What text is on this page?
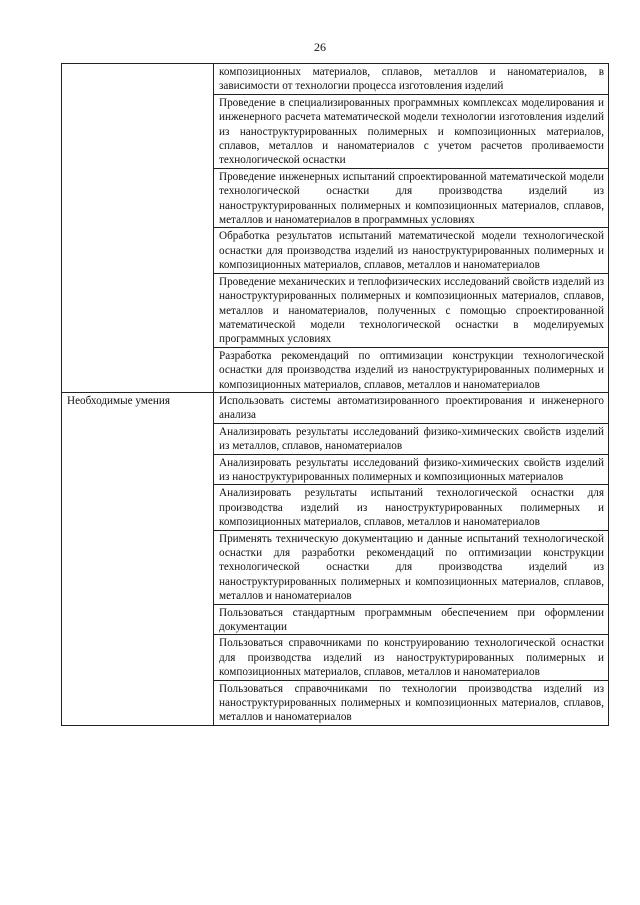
26
	композиционных материалов, сплавов, металлов и наноматериалов, в зависимости от технологии процесса изготовления изделий
	Проведение в специализированных программных комплексах моделирования и инженерного расчета математической модели технологии изготовления изделий из наноструктурированных полимерных и композиционных материалов, сплавов, металлов и наноматериалов с учетом расчетов проливаемости технологической оснастки
	Проведение инженерных испытаний спроектированной математической модели технологической оснастки для производства изделий из наноструктурированных полимерных и композиционных материалов, сплавов, металлов и наноматериалов в программных условиях
	Обработка результатов испытаний математической модели технологической оснастки для производства изделий из наноструктурированных полимерных и композиционных материалов, сплавов, металлов и наноматериалов
	Проведение механических и теплофизических исследований свойств изделий из наноструктурированных полимерных и композиционных материалов, сплавов, металлов и наноматериалов, полученных с помощью спроектированной математической модели технологической оснастки в моделируемых программных условиях
	Разработка рекомендаций по оптимизации конструкции технологической оснастки для производства изделий из наноструктурированных полимерных и композиционных материалов, сплавов, металлов и наноматериалов
Необходимые умения	Использовать системы автоматизированного проектирования и инженерного анализа
	Анализировать результаты исследований физико-химических свойств изделий из металлов, сплавов, наноматериалов
	Анализировать результаты исследований физико-химических свойств изделий из наноструктурированных полимерных и композиционных материалов
	Анализировать результаты испытаний технологической оснастки для производства изделий из наноструктурированных полимерных и композиционных материалов, сплавов, металлов и наноматериалов
	Применять техническую документацию и данные испытаний технологической оснастки для разработки рекомендаций по оптимизации конструкции технологической оснастки для производства изделий из наноструктурированных полимерных и композиционных материалов, сплавов, металлов и наноматериалов
	Пользоваться стандартным программным обеспечением при оформлении документации
	Пользоваться справочниками по конструированию технологической оснастки для производства изделий из наноструктурированных полимерных и композиционных материалов, сплавов, металлов и наноматериалов
	Пользоваться справочниками по технологии производства изделий из наноструктурированных полимерных и композиционных материалов, сплавов, металлов и наноматериалов
